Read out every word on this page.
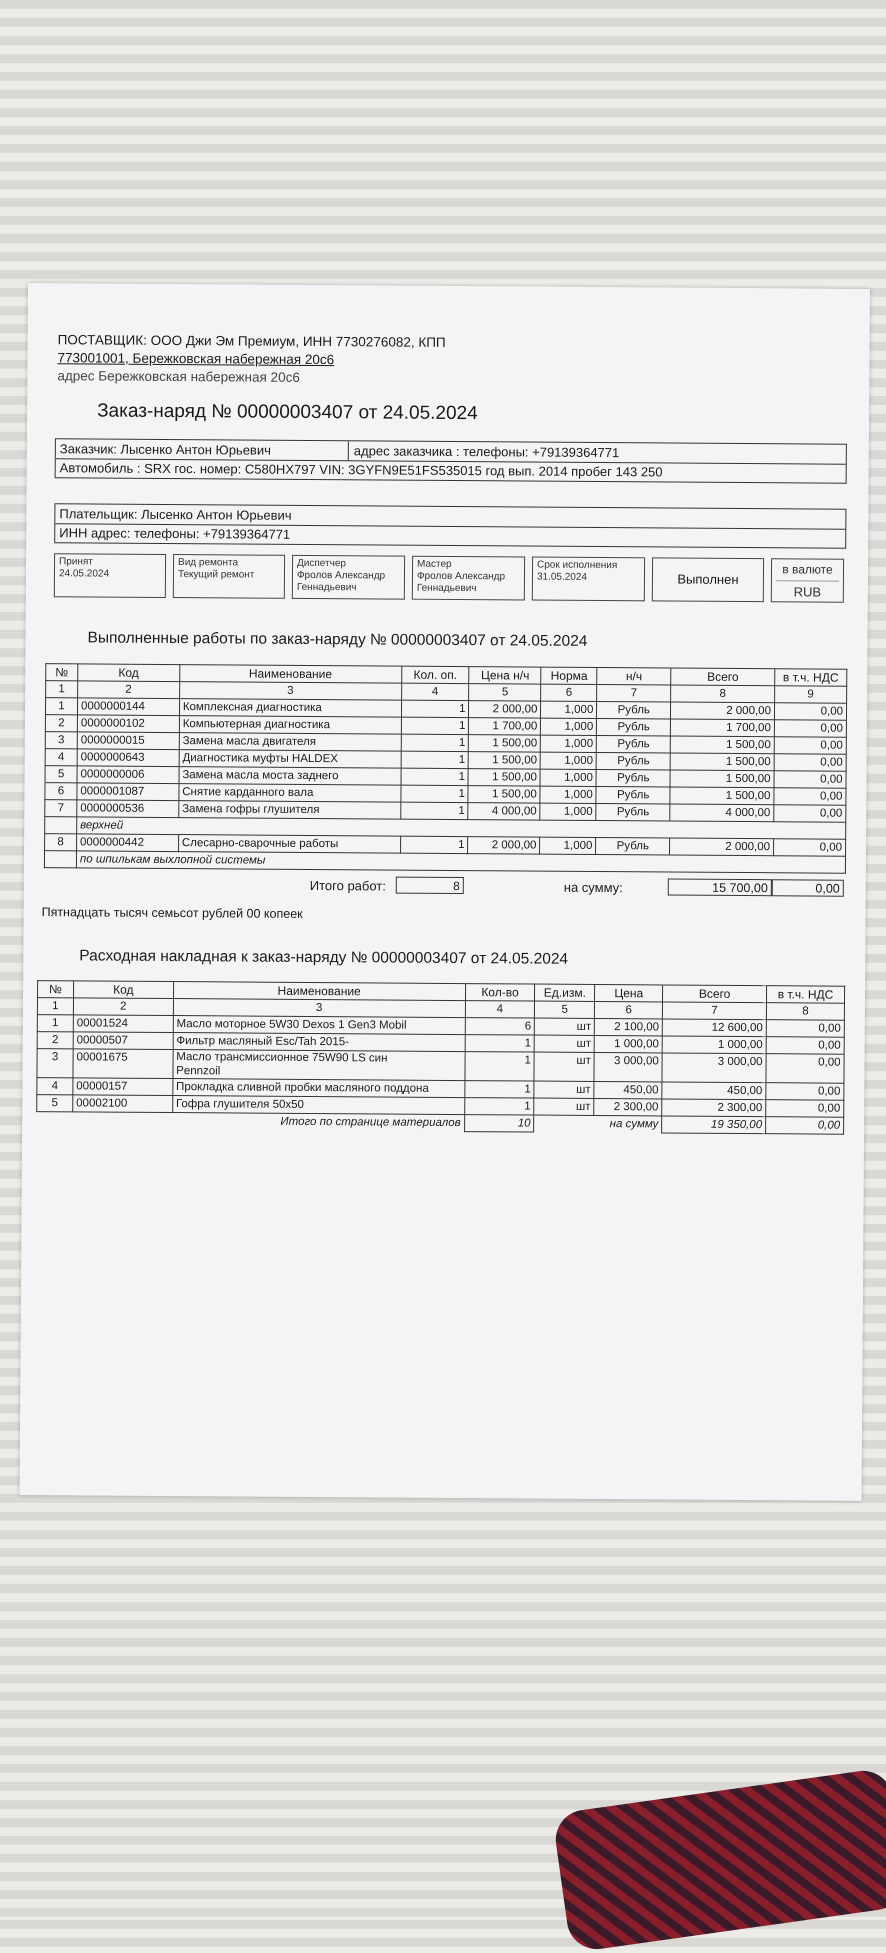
ПОСТАВЩИК: ООО Джи Эм Премиум, ИНН 7730276082, КПП
773001001, Бережковская набережная 20с6
адрес Бережковская набережная 20с6
Заказ-наряд № 00000003407 от 24.05.2024
Заказчик: Лысенко Антон Юрьевич	адрес заказчика : телефоны: +79139364771
Автомобиль : SRX гос. номер: С580НХ797 VIN: 3GYFN9E51FS535015 год вып. 2014 пробег 143 250
Плательщик: Лысенко Антон Юрьевич
ИНН адрес: телефоны: +79139364771
Принят
24.05.2024
Вид ремонта
Текущий ремонт
Диспетчер
Фролов Александр
Геннадьевич
Мастер
Фролов Александр
Геннадьевич
Срок исполнения
31.05.2024	Выполнен
в валюте
RUB
Выполненные работы по заказ-наряду № 00000003407 от 24.05.2024
№	Код	Наименование	Кол. оп.	Цена н/ч	Норма	н/ч	Всего	в т.ч. НДС
1	2	3	4	5	6	7	8	9
1	0000000144	Комплексная диагностика	1	2 000,00	1,000	Рубль	2 000,00	0,00
2	0000000102	Компьютерная диагностика	1	1 700,00	1,000	Рубль	1 700,00	0,00
3	0000000015	Замена масла двигателя	1	1 500,00	1,000	Рубль	1 500,00	0,00
4	0000000643	Диагностика муфты HALDEX	1	1 500,00	1,000	Рубль	1 500,00	0,00
5	0000000006	Замена масла моста заднего	1	1 500,00	1,000	Рубль	1 500,00	0,00
6	0000001087	Снятие карданного вала	1	1 500,00	1,000	Рубль	1 500,00	0,00
7	0000000536	Замена гофры глушителя	1	4 000,00	1,000	Рубль	4 000,00	0,00
	верхней							
8	0000000442	Слесарно-сварочные работы	1	2 000,00	1,000	Рубль	2 000,00	0,00
	по шпилькам выхлопной системы							
Итого работ:	8	на сумму:	15 700,00	0,00
Пятнадцать тысяч семьсот рублей 00 копеек
Расходная накладная к заказ-наряду № 00000003407 от 24.05.2024
№	Код	Наименование	Кол-во	Ед.изм.	Цена	Всего	в т.ч. НДС
1	2	3	4	5	6	7	8
1	00001524	Масло моторное 5W30 Dexos 1 Gen3 Mobil	6	шт	2 100,00	12 600,00	0,00
2	00000507	Фильтр масляный Esc/Tah 2015-	1	шт	1 000,00	1 000,00	0,00
3	00001675	Масло трансмиссионное 75W90 LS син
Pennzoil	1	шт	3 000,00	3 000,00	0,00
4	00000157	Прокладка сливной пробки масляного поддона	1	шт	450,00	450,00	0,00
5	00002100	Гофра глушителя 50х50	1	шт	2 300,00	2 300,00	0,00
Итого по странице материалов			10	на сумму		19 350,00	0,00
